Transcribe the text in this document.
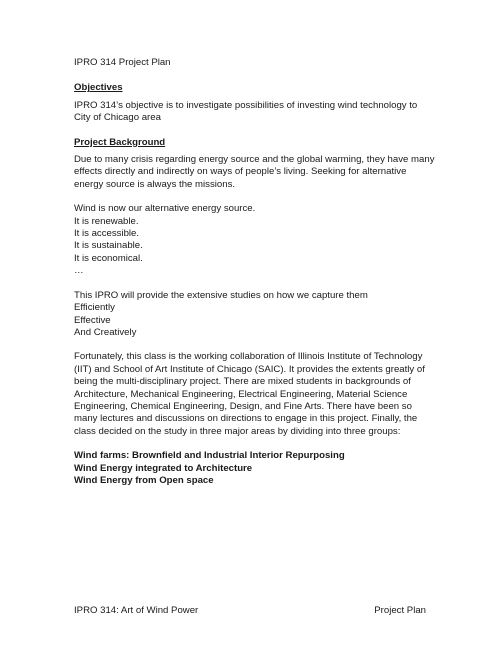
IPRO 314 Project Plan
Objectives

IPRO 314’s objective is to investigate possibilities of investing wind technology to City of Chicago area

Project Background

Due to many crisis regarding energy source and the global warming, they have many effects directly and indirectly on ways of people’s living. Seeking for alternative energy source is always the missions.

Wind is now our alternative energy source.
It is renewable.
It is accessible.
It is sustainable.
It is economical.
…
This IPRO will provide the extensive studies on how we capture them
Efficiently
Effective
And Creatively

Fortunately, this class is the working collaboration of Illinois Institute of Technology (IIT) and School of Art Institute of Chicago (SAIC). It provides the extents greatly of being the multi-disciplinary project. There are mixed students in backgrounds of Architecture, Mechanical Engineering, Electrical Engineering, Material Science Engineering, Chemical Engineering, Design, and Fine Arts. There have been so many lectures and discussions on directions to engage in this project. Finally, the class decided on the study in three major areas by dividing into three groups:

Wind farms: Brownfield and Industrial Interior Repurposing
Wind Energy integrated to Architecture
Wind Energy from Open space
IPRO 314: Art of Wind Power	Project Plan
